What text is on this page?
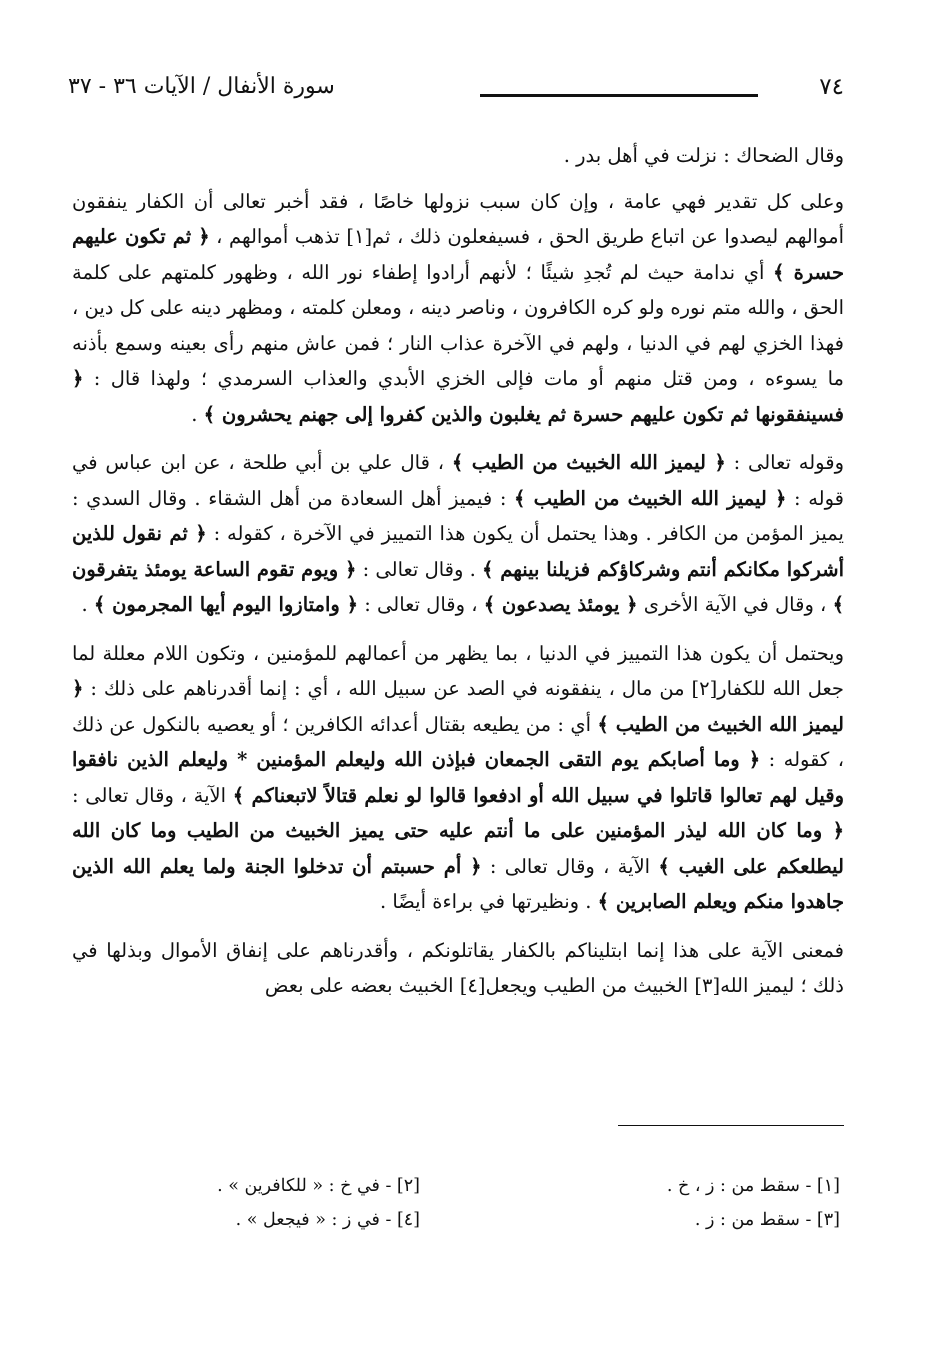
٧٤
سورة الأنفال / الآيات ٣٦ - ٣٧

وقال الضحاك : نزلت في أهل بدر .

وعلى كل تقدير فهي عامة ، وإن كان سبب نزولها خاصًا ، فقد أخبر تعالى أن الكفار ينفقون أموالهم ليصدوا عن اتباع طريق الحق ، فسيفعلون ذلك ، ثم[١] تذهب أموالهم ، ﴿ ثم تكون عليهم حسرة ﴾ أي ندامة حيث لم تُجدِ شيئًا ؛ لأنهم أرادوا إطفاء نور الله ، وظهور كلمتهم على كلمة الحق ، والله متم نوره ولو كره الكافرون ، وناصر دينه ، ومعلن كلمته ، ومظهر دينه على كل دين ، فهذا الخزي لهم في الدنيا ، ولهم في الآخرة عذاب النار ؛ فمن عاش منهم رأى بعينه وسمع بأذنه ما يسوءه ، ومن قتل منهم أو مات فإلى الخزي الأبدي والعذاب السرمدي ؛ ولهذا قال : ﴿ فسينفقونها ثم تكون عليهم حسرة ثم يغلبون والذين كفروا إلى جهنم يحشرون ﴾ .

وقوله تعالى : ﴿ ليميز الله الخبيث من الطيب ﴾ ، قال علي بن أبي طلحة ، عن ابن عباس في قوله : ﴿ ليميز الله الخبيث من الطيب ﴾ : فيميز أهل السعادة من أهل الشقاء . وقال السدي : يميز المؤمن من الكافر . وهذا يحتمل أن يكون هذا التمييز في الآخرة ، كقوله : ﴿ ثم نقول للذين أشركوا مكانكم أنتم وشركاؤكم فزيلنا بينهم ﴾ . وقال تعالى : ﴿ ويوم تقوم الساعة يومئذ يتفرقون ﴾ ، وقال في الآية الأخرى ﴿ يومئذ يصدعون ﴾ ، وقال تعالى : ﴿ وامتازوا اليوم أيها المجرمون ﴾ .

ويحتمل أن يكون هذا التمييز في الدنيا ، بما يظهر من أعمالهم للمؤمنين ، وتكون اللام معللة لما جعل الله للكفار[٢] من مال ، ينفقونه في الصد عن سبيل الله ، أي : إنما أقدرناهم على ذلك : ﴿ ليميز الله الخبيث من الطيب ﴾ أي : من يطيعه بقتال أعدائه الكافرين ؛ أو يعصيه بالنكول عن ذلك ، كقوله : ﴿ وما أصابكم يوم التقى الجمعان فبإذن الله وليعلم المؤمنين * وليعلم الذين نافقوا وقيل لهم تعالوا قاتلوا في سبيل الله أو ادفعوا قالوا لو نعلم قتالاً لاتبعناكم ﴾ الآية ، وقال تعالى : ﴿ وما كان الله ليذر المؤمنين على ما أنتم عليه حتى يميز الخبيث من الطيب وما كان الله ليطلعكم على الغيب ﴾ الآية ، وقال تعالى : ﴿ أم حسبتم أن تدخلوا الجنة ولما يعلم الله الذين جاهدوا منكم ويعلم الصابرين ﴾ . ونظيرتها في براءة أيضًا .

فمعنى الآية على هذا إنما ابتليناكم بالكفار يقاتلونكم ، وأقدرناهم على إنفاق الأموال وبذلها في ذلك ؛ ليميز الله[٣] الخبيث من الطيب ويجعل[٤] الخبيث بعضه على بعض

[١] - سقط من : ز ، خ .
[٢] - في خ : « للكافرين » .
[٣] - سقط من : ز .
[٤] - في ز : « فيجعل » .
